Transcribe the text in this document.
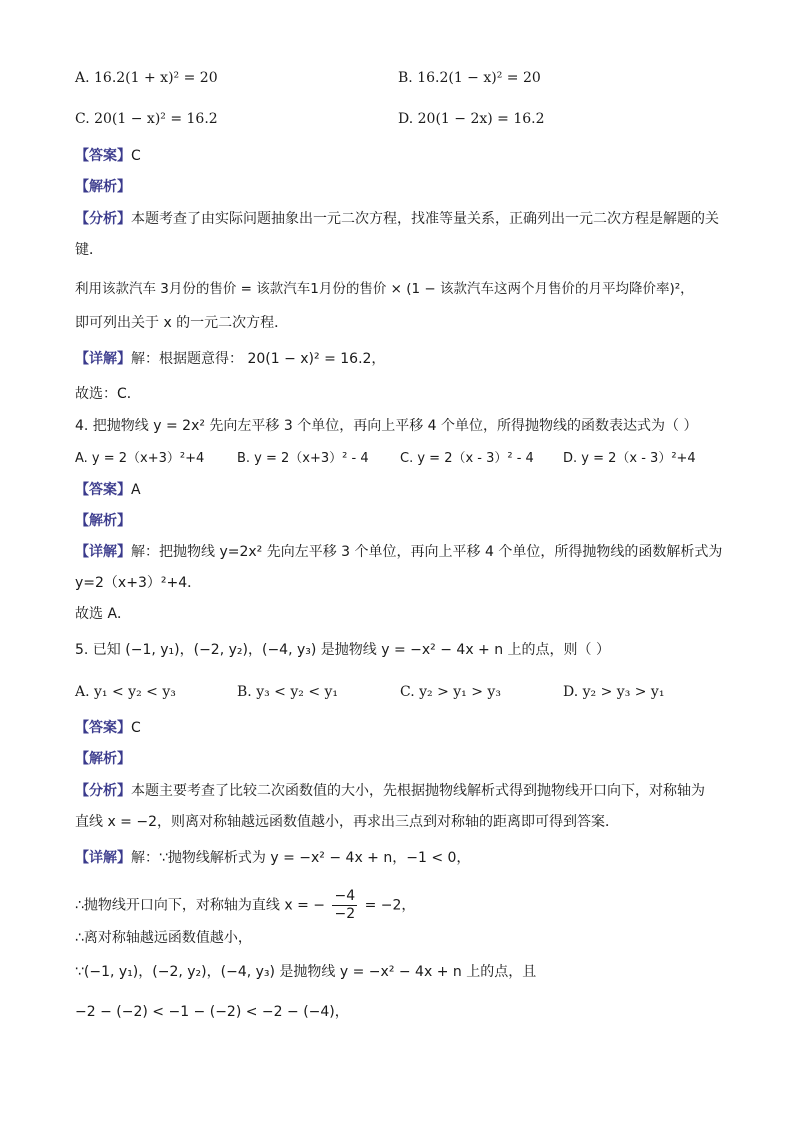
A. 16.2(1 + x)² = 20	B. 16.2(1 − x)² = 20
C. 20(1 − x)² = 16.2	D. 20(1 − 2x) = 16.2
【答案】C
【解析】
【分析】本题考查了由实际问题抽象出一元二次方程，找准等量关系，正确列出一元二次方程是解题的关
键．
利用该款汽车 3月份的售价 = 该款汽车1月份的售价 × (1 − 该款汽车这两个月售价的月平均降价率)²，
即可列出关于 x 的一元二次方程．
【详解】解：根据题意得： 20(1 − x)² = 16.2，
故选：C．
4. 把抛物线 y = 2x² 先向左平移 3 个单位，再向上平移 4 个单位，所得抛物线的函数表达式为（ ）
A. y = 2（x+3）²+4	B. y = 2（x+3）² - 4 C. y = 2（x - 3）² - 4 D. y = 2（x - 3）²+4
【答案】A
【解析】
【详解】解：把抛物线 y=2x² 先向左平移 3 个单位，再向上平移 4 个单位，所得抛物线的函数解析式为
y=2（x+3）²+4．
故选 A．
5. 已知 (−1, y₁)，(−2, y₂)，(−4, y₃) 是抛物线 y = −x² − 4x + n 上的点，则（ ）
A. y₁ < y₂ < y₃	B. y₃ < y₂ < y₁	C. y₂ > y₁ > y₃	D. y₂ > y₃ > y₁
【答案】C
【解析】
【分析】本题主要考查了比较二次函数值的大小，先根据抛物线解析式得到抛物线开口向下，对称轴为
直线 x = −2，则离对称轴越远函数值越小，再求出三点到对称轴的距离即可得到答案．
【详解】解：∵抛物线解析式为 y = −x² − 4x + n，−1 < 0，
∴抛物线开口向下，对称轴为直线 x = − $\frac{-4}{-2} = -2$，
∴离对称轴越远函数值越小，
∵(−1, y₁)，(−2, y₂)，(−4, y₃) 是抛物线 y = −x² − 4x + n 上的点，且
−2 − (−2) < −1 − (−2) < −2 − (−4)，
